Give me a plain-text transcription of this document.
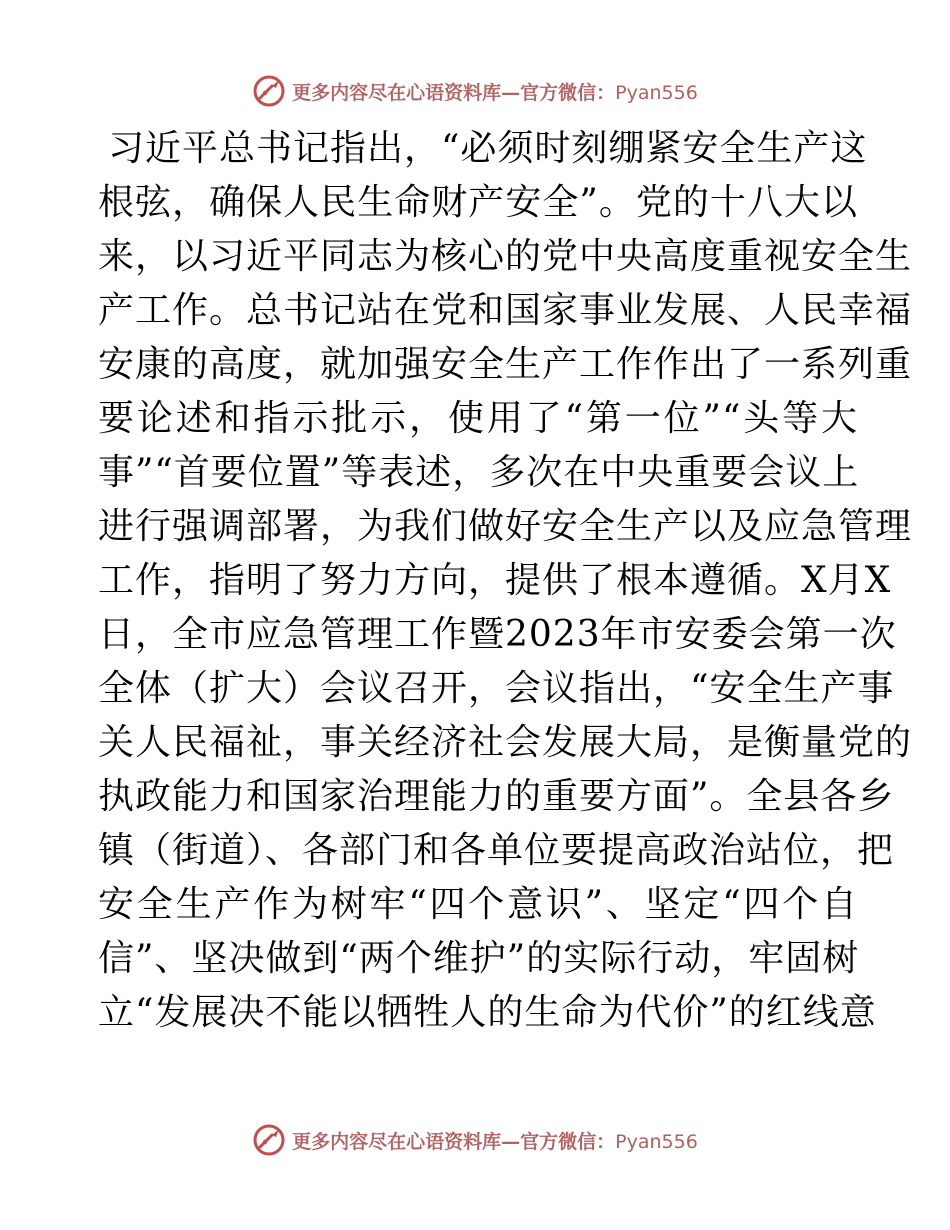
更多内容尽在心语资料库—官方微信：Pyan556
习近平总书记指出，“必须时刻绷紧安全生产这
根弦，确保人民生命财产安全”。党的十八大以
来，以习近平同志为核心的党中央高度重视安全生
产工作。总书记站在党和国家事业发展、人民幸福
安康的高度，就加强安全生产工作作出了一系列重
要论述和指示批示，使用了“第一位”“头等大
事”“首要位置”等表述，多次在中央重要会议上
进行强调部署，为我们做好安全生产以及应急管理
工作，指明了努力方向，提供了根本遵循。X月X
日，全市应急管理工作暨2023年市安委会第一次
全体（扩大）会议召开，会议指出，“安全生产事
关人民福祉，事关经济社会发展大局，是衡量党的
执政能力和国家治理能力的重要方面”。全县各乡
镇（街道）、各部门和各单位要提高政治站位，把
安全生产作为树牢“四个意识”、坚定“四个自
信”、坚决做到“两个维护”的实际行动，牢固树
立“发展决不能以牺牲人的生命为代价”的红线意
更多内容尽在心语资料库—官方微信：Pyan556
